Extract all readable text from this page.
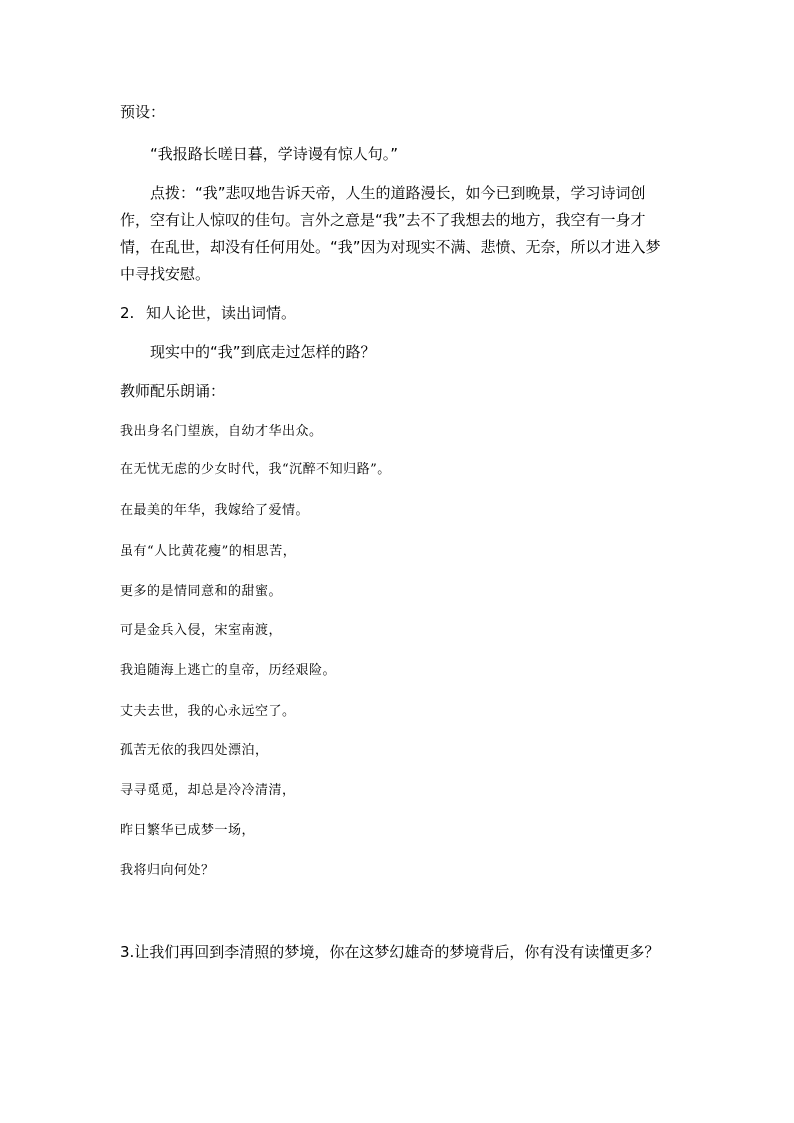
预设：
“我报路长嗟日暮，学诗谩有惊人句。”
点拨：“我”悲叹地告诉天帝，人生的道路漫长，如今已到晚景，学习诗词创作，空有让人惊叹的佳句。言外之意是“我”去不了我想去的地方，我空有一身才情，在乱世，却没有任何用处。“我”因为对现实不满、悲愤、无奈，所以才进入梦中寻找安慰。
2. 知人论世，读出词情。
现实中的“我”到底走过怎样的路？
教师配乐朗诵：
我出身名门望族，自幼才华出众。
在无忧无虑的少女时代，我“沉醉不知归路”。
在最美的年华，我嫁给了爱情。
虽有“人比黄花瘦”的相思苦，
更多的是情同意和的甜蜜。
可是金兵入侵，宋室南渡，
我追随海上逃亡的皇帝，历经艰险。
丈夫去世，我的心永远空了。
孤苦无依的我四处漂泊，
寻寻觅觅，却总是冷冷清清，
昨日繁华已成梦一场，
我将归向何处？
3.让我们再回到李清照的梦境，你在这梦幻雄奇的梦境背后，你有没有读懂更多？
